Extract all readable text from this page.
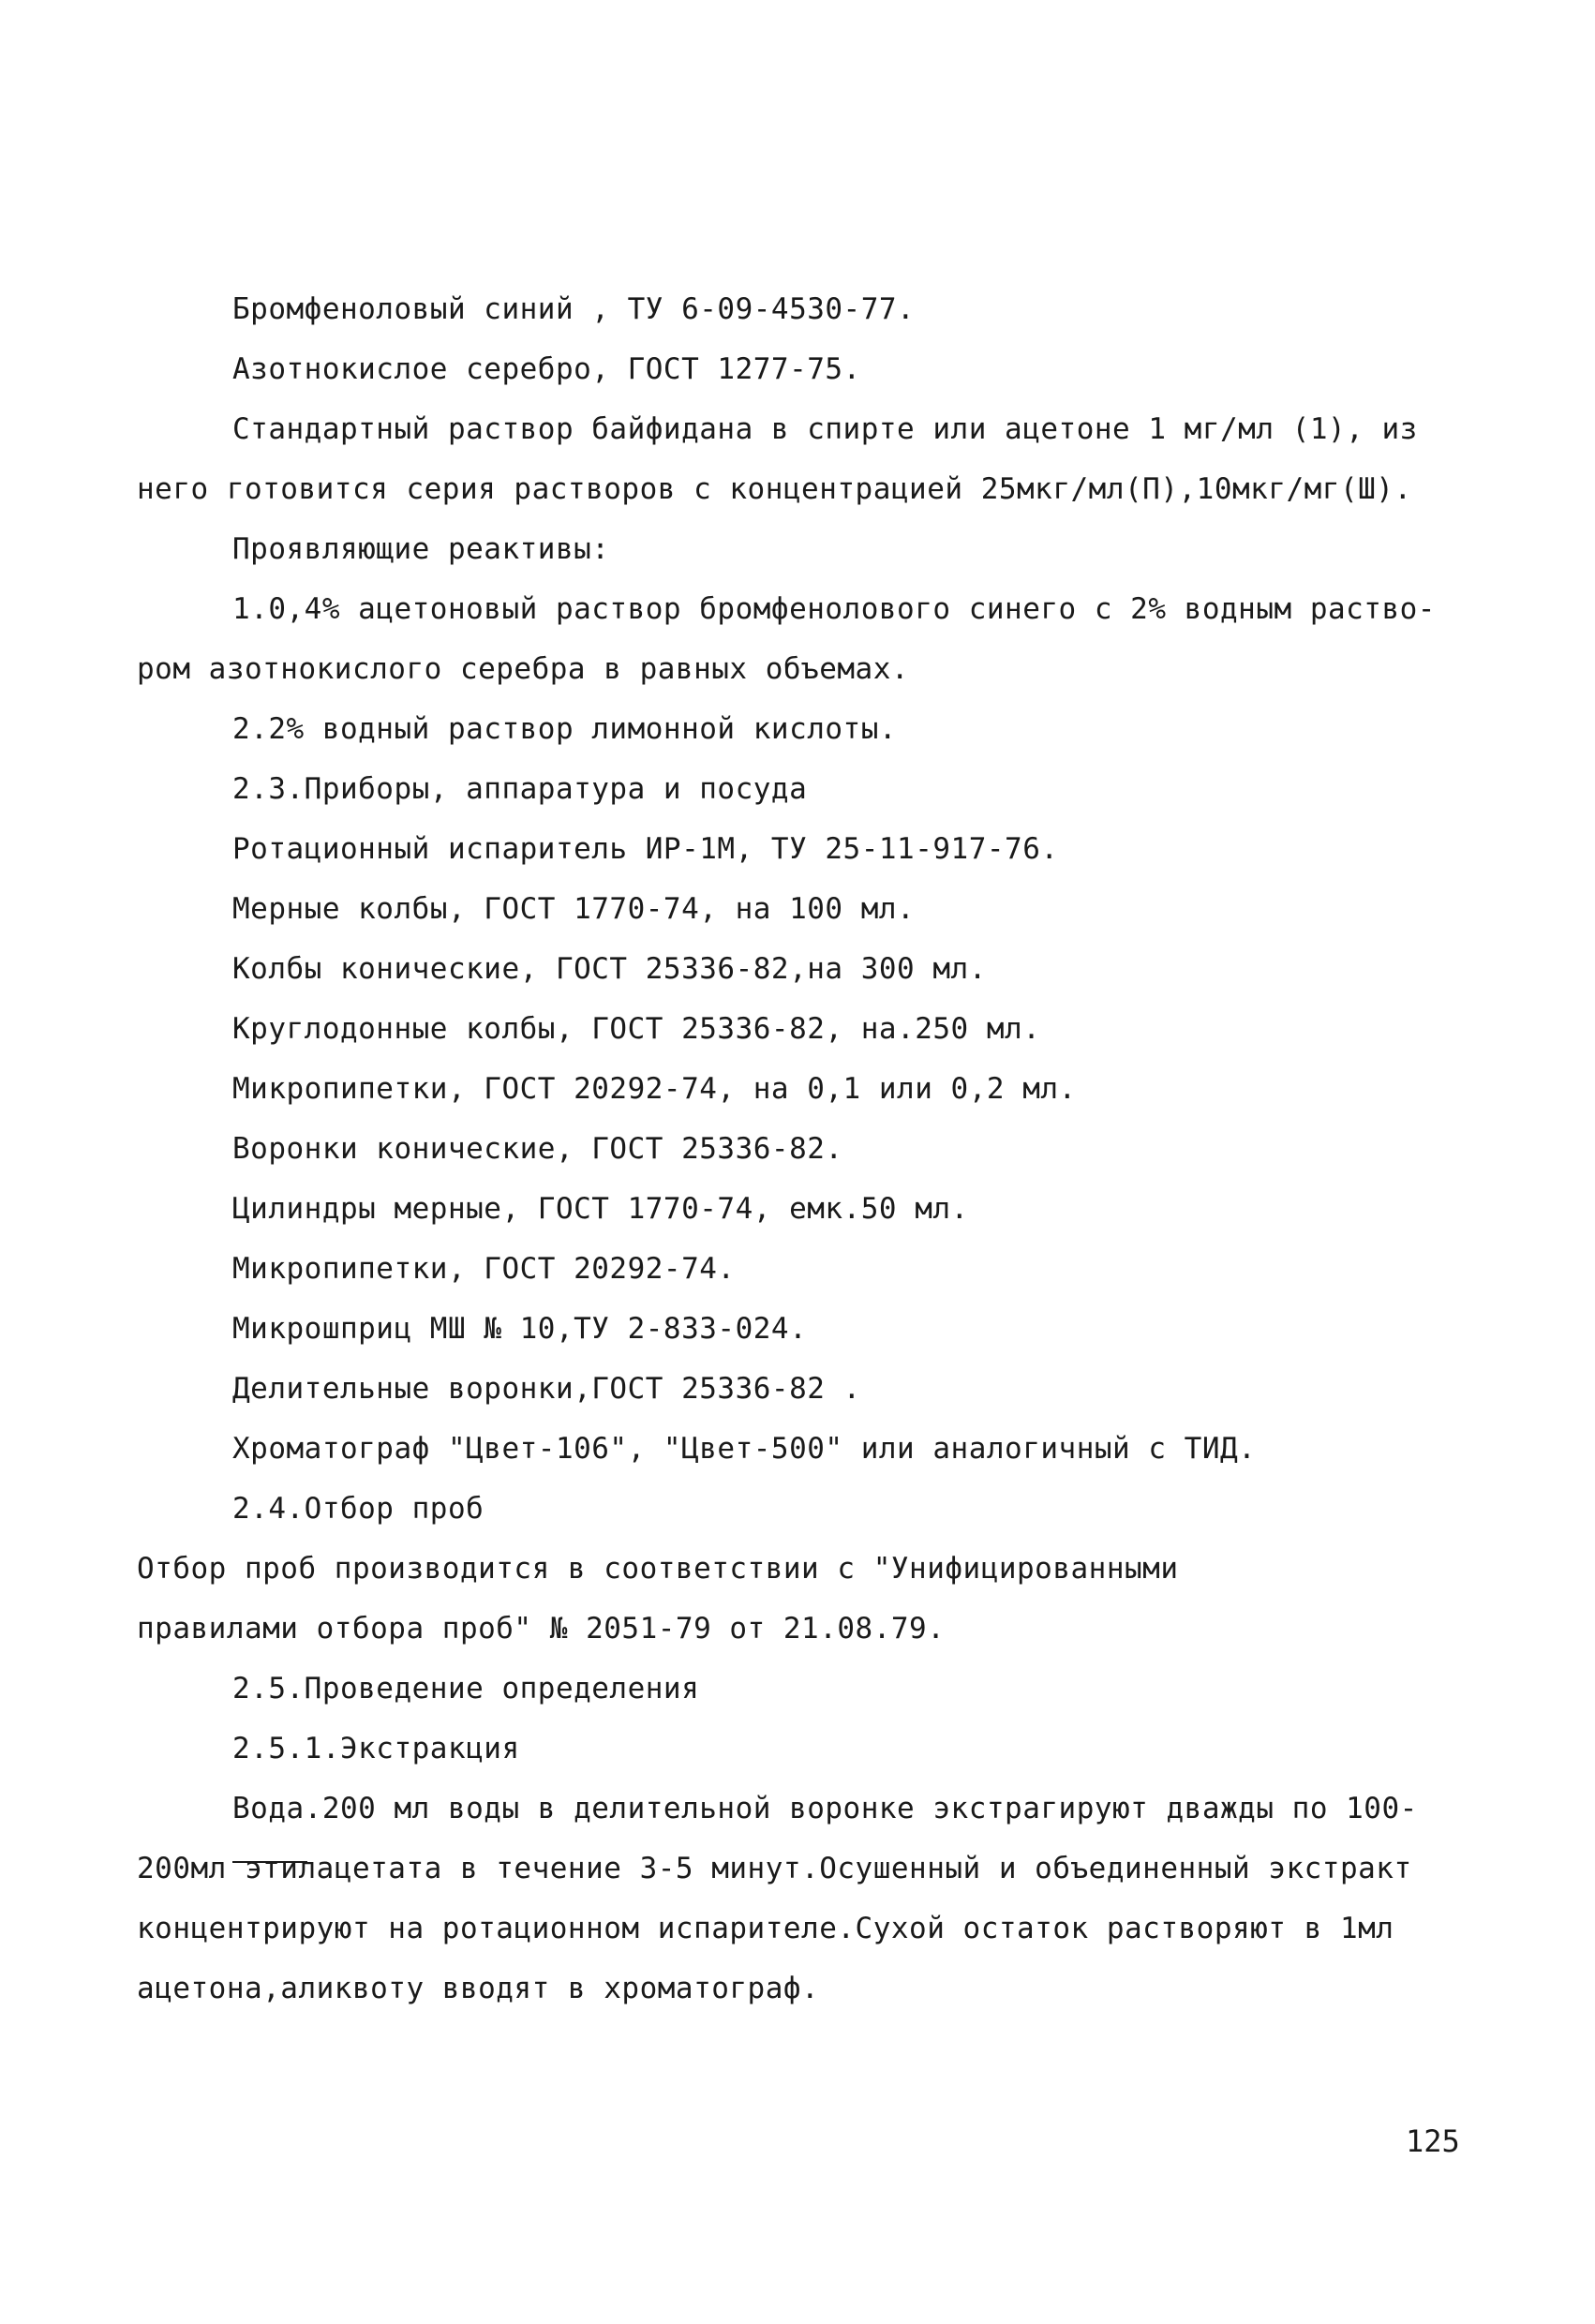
Бромфеноловый синий , ТУ 6-09-4530-77.
Азотнокислое серебро, ГОСТ 1277-75.
Стандартный раствор байфидана в спирте или ацетоне 1 мг/мл (1), из
него готовится серия растворов с концентрацией 25мкг/мл(П),10мкг/мг(Ш).
Проявляющие реактивы:
1.0,4% ацетоновый раствор бромфенолового синего с 2% водным раство-
ром азотнокислого серебра в равных объемах.
2.2% водный раствор лимонной кислоты.
2.3.Приборы, аппаратура и посуда
Ротационный испаритель ИР-1М, ТУ 25-11-917-76.
Мерные колбы, ГОСТ 1770-74, на 100 мл.
Колбы конические, ГОСТ 25336-82,на 300 мл.
Круглодонные колбы, ГОСТ 25336-82, на.250 мл.
Микропипетки, ГОСТ 20292-74, на 0,1 или 0,2 мл.
Воронки конические, ГОСТ 25336-82.
Цилиндры мерные, ГОСТ 1770-74, емк.50 мл.
Микропипетки, ГОСТ 20292-74.
Микрошприц МШ № 10,ТУ 2-833-024.
Делительные воронки,ГОСТ 25336-82 .
Хроматограф "Цвет-106", "Цвет-500" или аналогичный с ТИД.
2.4.Отбор проб
Отбор проб производится в соответствии с "Унифицированными
правилами отбора проб" № 2051-79 от 21.08.79.
2.5.Проведение определения
2.5.1.Экстракция
Вода.200 мл воды в делительной воронке экстрагируют дважды по 100-
200мл этилацетата в течение 3-5 минут.Осушенный и объединенный экстракт
концентрируют на ротационном испарителе.Сухой остаток растворяют в 1мл
ацетона,аликвоту вводят в хроматограф.
125
